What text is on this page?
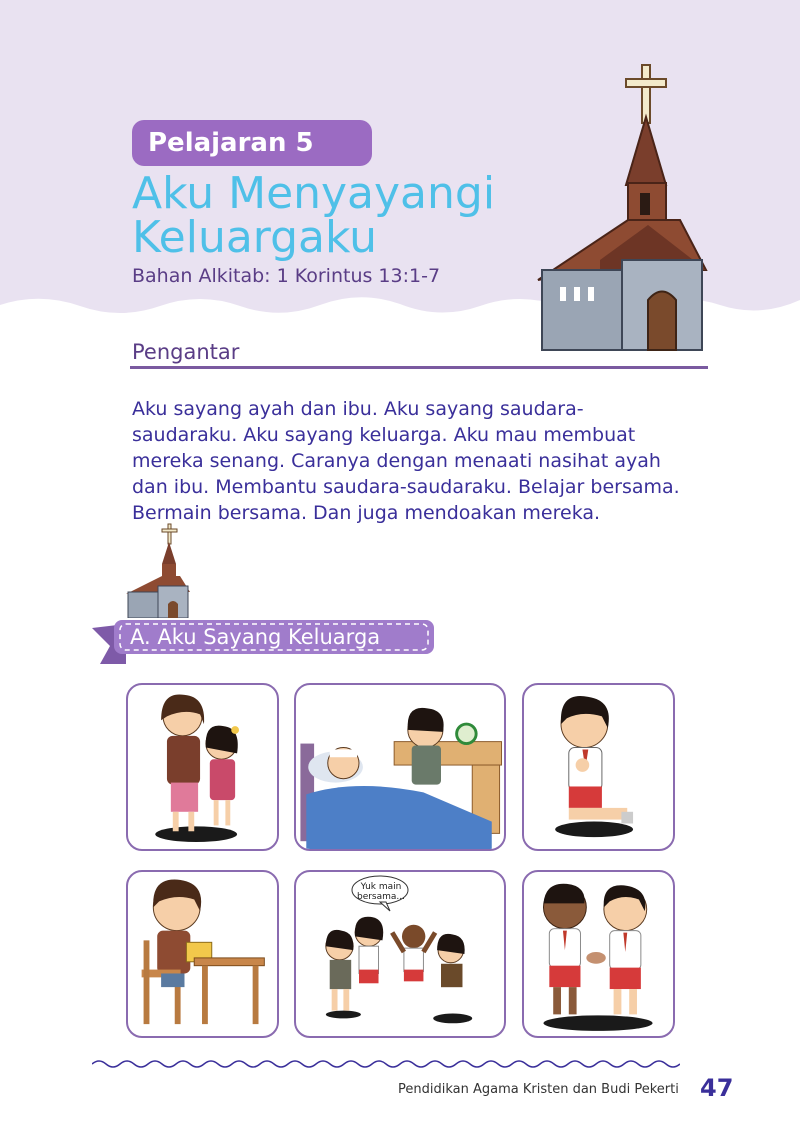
Pelajaran 5
Aku Menyayangi
Keluargaku
Bahan Alkitab: 1 Korintus 13:1-7
Pengantar
Aku sayang ayah dan ibu. Aku sayang saudara-
saudaraku. Aku sayang keluarga. Aku mau membuat
mereka senang. Caranya dengan menaati nasihat ayah
dan ibu. Membantu saudara-saudaraku. Belajar bersama.
Bermain bersama. Dan juga mendoakan mereka.
A. Aku Sayang Keluarga
Yuk main
bersama...
Pendidikan Agama Kristen dan Budi Pekerti 47
